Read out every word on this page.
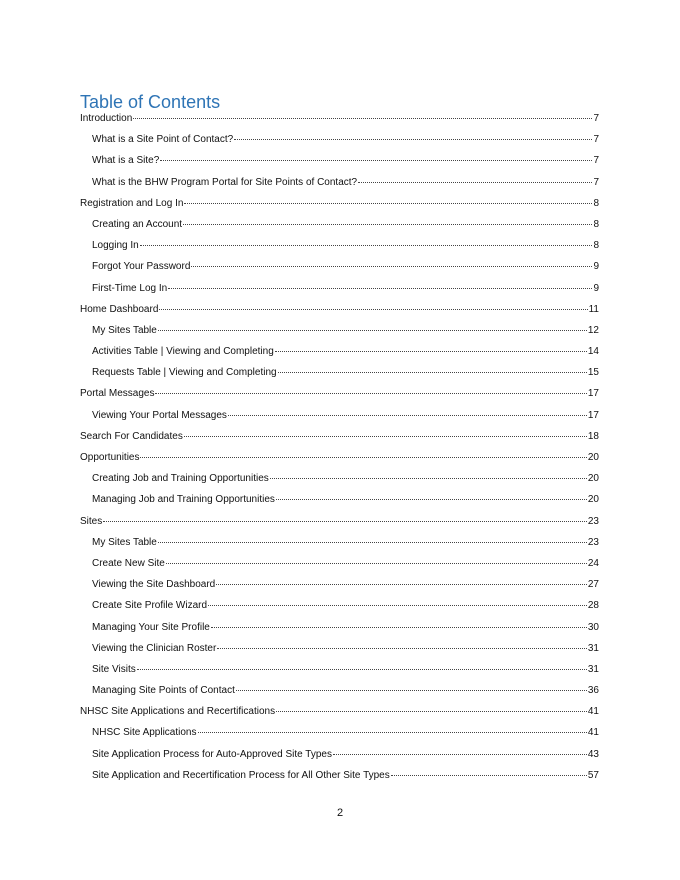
Table of Contents
Introduction	7
What is a Site Point of Contact?	7
What is a Site?	7
What is the BHW Program Portal for Site Points of Contact?	7
Registration and Log In	8
Creating an Account	8
Logging In	8
Forgot Your Password	9
First-Time Log In	9
Home Dashboard	11
My Sites Table	12
Activities Table | Viewing and Completing	14
Requests Table | Viewing and Completing	15
Portal Messages	17
Viewing Your Portal Messages	17
Search For Candidates	18
Opportunities	20
Creating Job and Training Opportunities	20
Managing Job and Training Opportunities	20
Sites	23
My Sites Table	23
Create New Site	24
Viewing the Site Dashboard	27
Create Site Profile Wizard	28
Managing Your Site Profile	30
Viewing the Clinician Roster	31
Site Visits	31
Managing Site Points of Contact	36
NHSC Site Applications and Recertifications	41
NHSC Site Applications	41
Site Application Process for Auto-Approved Site Types	43
Site Application and Recertification Process for All Other Site Types	57
2
